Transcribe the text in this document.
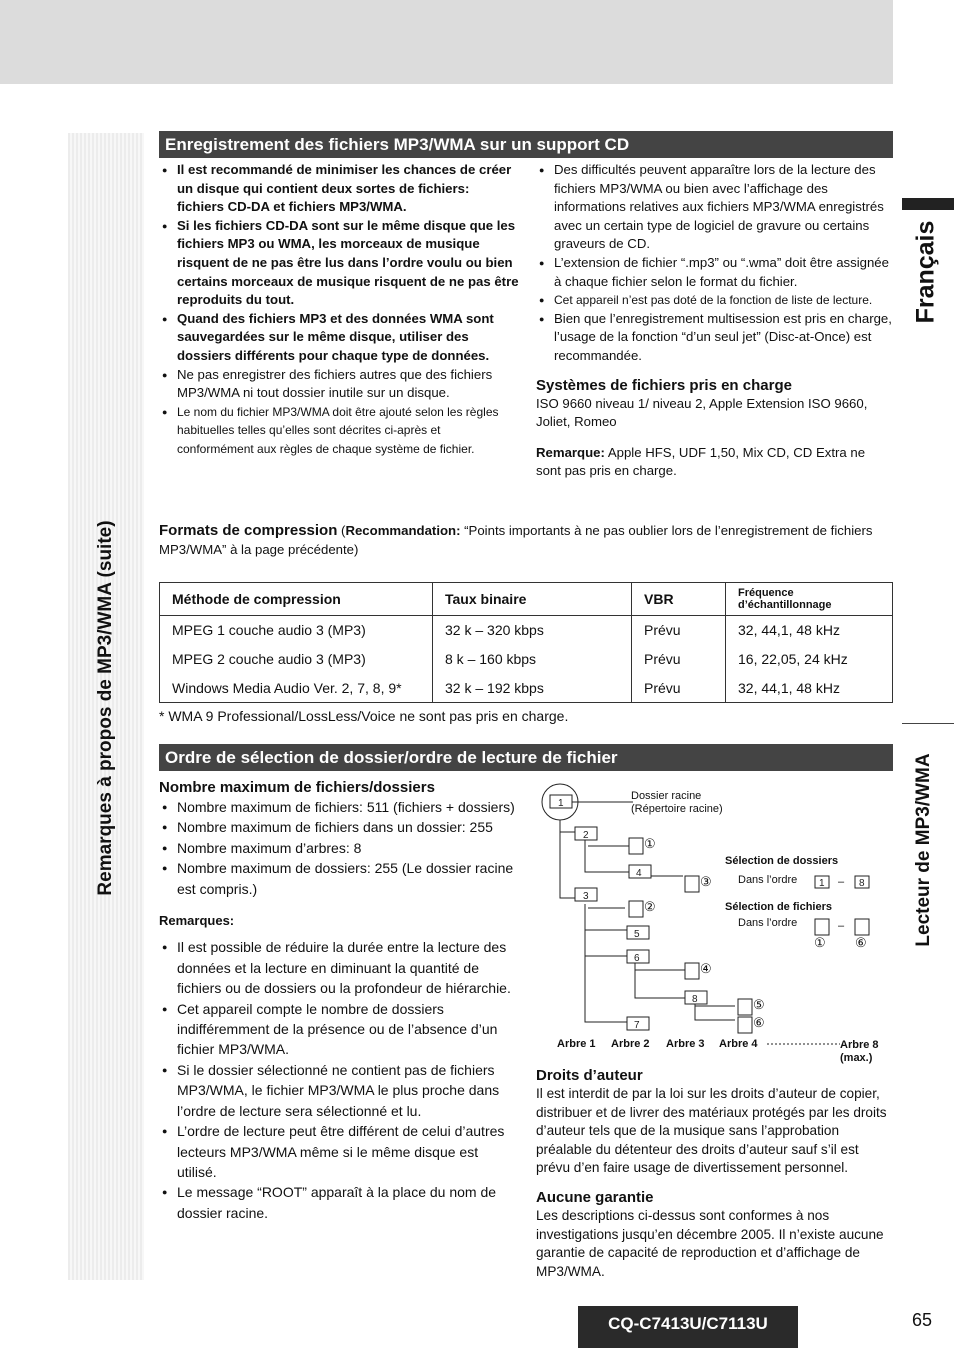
Remarques à propos de MP3/WMA (suite)
Français
Lecteur de MP3/WMA
Enregistrement des fichiers MP3/WMA sur un support CD
● Il est recommandé de minimiser les chances de créer un disque qui contient deux sortes de fichiers: fichiers CD-DA et fichiers MP3/WMA.
● Si les fichiers CD-DA sont sur le même disque que les fichiers MP3 ou WMA, les morceaux de musique risquent de ne pas être lus dans l’ordre voulu ou bien certains morceaux de musique risquent de ne pas être reproduits du tout.
● Quand des fichiers MP3 et des données WMA sont sauvegardées sur le même disque, utiliser des dossiers différents pour chaque type de données.
● Ne pas enregistrer des fichiers autres que des fichiers MP3/WMA ni tout dossier inutile sur un disque.
● Le nom du fichier MP3/WMA doit être ajouté selon les règles habituelles telles qu’elles sont décrites ci-après et conformément aux règles de chaque système de fichier.
● Des difficultés peuvent apparaître lors de la lecture des fichiers MP3/WMA ou bien avec l’affichage des informations relatives aux fichiers MP3/WMA enregistrés avec un certain type de logiciel de gravure ou certains graveurs de CD.
● L’extension de fichier “.mp3” ou “.wma” doit être assignée à chaque fichier selon le format du fichier.
● Cet appareil n’est pas doté de la fonction de liste de lecture.
● Bien que l’enregistrement multisession est pris en charge, l’usage de la fonction “d’un seul jet” (Disc-at-Once) est recommandée.
Systèmes de fichiers pris en charge
ISO 9660 niveau 1/ niveau 2, Apple Extension ISO 9660, Joliet, Romeo
Remarque: Apple HFS, UDF 1,50, Mix CD, CD Extra ne sont pas pris en charge.
Formats de compression (Recommandation: “Points importants à ne pas oublier lors de l’enregistrement de fichiers MP3/WMA” à la page précédente)
Méthode de compression	Taux binaire	VBR	Fréquence d’échantillonnage
MPEG 1 couche audio 3 (MP3)	32 k – 320 kbps	Prévu	32, 44,1, 48 kHz
MPEG 2 couche audio 3 (MP3)	8 k – 160 kbps	Prévu	16, 22,05, 24 kHz
Windows Media Audio Ver. 2, 7, 8, 9*	32 k – 192 kbps	Prévu	32, 44,1, 48 kHz
* WMA 9 Professional/LossLess/Voice ne sont pas pris en charge.
Ordre de sélection de dossier/ordre de lecture de fichier
Nombre maximum de fichiers/dossiers
● Nombre maximum de fichiers: 511 (fichiers + dossiers)
● Nombre maximum de fichiers dans un dossier: 255
● Nombre maximum d’arbres: 8
● Nombre maximum de dossiers: 255 (Le dossier racine est compris.)
Remarques:
● Il est possible de réduire la durée entre la lecture des données et la lecture en diminuant la quantité de fichiers ou de dossiers ou la profondeur de hiérarchie.
● Cet appareil compte le nombre de dossiers indifféremment de la présence ou de l’absence d’un fichier MP3/WMA.
● Si le dossier sélectionné ne contient pas de fichiers MP3/WMA, le fichier MP3/WMA le plus proche dans l’ordre de lecture sera sélectionné et lu.
● L’ordre de lecture peut être différent de celui d’autres lecteurs MP3/WMA même si le même disque est utilisé.
● Le message “ROOT” apparaît à la place du nom de dossier racine.
1
2
3
4
5
6
7
8
1	8
Dossier racine
(Répertoire racine)
①
②
③
④
⑤
⑥
Sélection de dossiers
Dans l’ordre	–
Sélection de fichiers
Dans l’ordre	–
① ⑥
Arbre 1 Arbre 2 Arbre 3 Arbre 4	Arbre 8
(max.)
Droits d’auteur
Il est interdit de par la loi sur les droits d’auteur de copier, distribuer et de livrer des matériaux protégés par les droits d’auteur tels que de la musique sans l’approbation préalable du détenteur des droits d’auteur sauf s’il est prévu d’en faire usage de divertissement personnel.
Aucune garantie
Les descriptions ci-dessus sont conformes à nos investigations jusqu’en décembre 2005. Il n’existe aucune garantie de capacité de reproduction et d’affichage de MP3/WMA.
CQ-C7413U/C7113U	65
